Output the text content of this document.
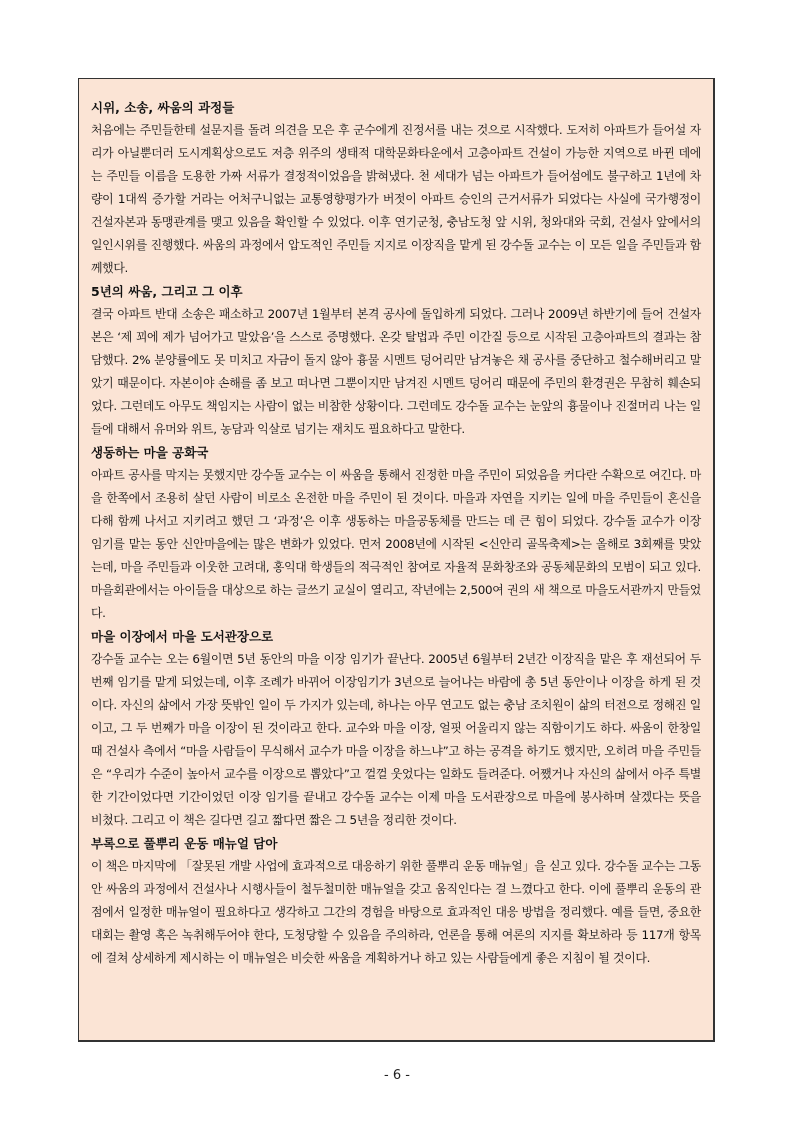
시위, 소송, 싸움의 과정들
처음에는 주민들한테 설문지를 돌려 의견을 모은 후 군수에게 진정서를 내는 것으로 시작했다. 도저히 아파트가 들어설 자리가 아닐뿐더러 도시계획상으로도 저층 위주의 생태적 대학문화타운에서 고층아파트 건설이 가능한 지역으로 바뀐 데에는 주민들 이름을 도용한 가짜 서류가 결정적이었음을 밝혀냈다. 천 세대가 넘는 아파트가 들어섬에도 불구하고 1년에 차량이 1대씩 증가할 거라는 어처구니없는 교통영향평가가 버젓이 아파트 승인의 근거서류가 되었다는 사실에 국가행정이 건설자본과 동맹관계를 맺고 있음을 확인할 수 있었다. 이후 연기군청, 충남도청 앞 시위, 청와대와 국회, 건설사 앞에서의 일인시위를 진행했다. 싸움의 과정에서 압도적인 주민들 지지로 이장직을 맡게 된 강수돌 교수는 이 모든 일을 주민들과 함께했다.
5년의 싸움, 그리고 그 이후
결국 아파트 반대 소송은 패소하고 2007년 1월부터 본격 공사에 돌입하게 되었다. 그러나 2009년 하반기에 들어 건설자본은 ‘제 꾀에 제가 넘어가고 말았음’을 스스로 증명했다. 온갖 탈법과 주민 이간질 등으로 시작된 고층아파트의 결과는 참담했다. 2% 분양률에도 못 미치고 자금이 돌지 않아 흉물 시멘트 덩어리만 남겨놓은 채 공사를 중단하고 철수해버리고 말았기 때문이다. 자본이야 손해를 좀 보고 떠나면 그뿐이지만 남겨진 시멘트 덩어리 때문에 주민의 환경권은 무참히 훼손되었다. 그런데도 아무도 책임지는 사람이 없는 비참한 상황이다. 그런데도 강수돌 교수는 눈앞의 흉물이나 진절머리 나는 일들에 대해서 유머와 위트, 농담과 익살로 넘기는 재치도 필요하다고 말한다.
생동하는 마을 공화국
아파트 공사를 막지는 못했지만 강수돌 교수는 이 싸움을 통해서 진정한 마을 주민이 되었음을 커다란 수확으로 여긴다. 마을 한쪽에서 조용히 살던 사람이 비로소 온전한 마을 주민이 된 것이다. 마을과 자연을 지키는 일에 마을 주민들이 혼신을 다해 함께 나서고 지키려고 했던 그 ‘과정’은 이후 생동하는 마을공동체를 만드는 데 큰 힘이 되었다. 강수돌 교수가 이장 임기를 맡는 동안 신안마을에는 많은 변화가 있었다. 먼저 2008년에 시작된 <신안리 골목축제>는 올해로 3회째를 맞았는데, 마을 주민들과 이웃한 고려대, 홍익대 학생들의 적극적인 참여로 자율적 문화창조와 공동체문화의 모범이 되고 있다. 마을회관에서는 아이들을 대상으로 하는 글쓰기 교실이 열리고, 작년에는 2,500여 권의 새 책으로 마을도서관까지 만들었다.
마을 이장에서 마을 도서관장으로
강수돌 교수는 오는 6월이면 5년 동안의 마을 이장 임기가 끝난다. 2005년 6월부터 2년간 이장직을 맡은 후 재선되어 두 번째 임기를 맡게 되었는데, 이후 조례가 바뀌어 이장임기가 3년으로 늘어나는 바람에 총 5년 동안이나 이장을 하게 된 것이다. 자신의 삶에서 가장 뜻밖인 일이 두 가지가 있는데, 하나는 아무 연고도 없는 충남 조치원이 삶의 터전으로 정해진 일이고, 그 두 번째가 마을 이장이 된 것이라고 한다. 교수와 마을 이장, 얼핏 어울리지 않는 직함이기도 하다. 싸움이 한창일 때 건설사 측에서 “마을 사람들이 무식해서 교수가 마을 이장을 하느냐”고 하는 공격을 하기도 했지만, 오히려 마을 주민들은 “우리가 수준이 높아서 교수를 이장으로 뽑았다”고 껄껄 웃었다는 일화도 들려준다. 어쨌거나 자신의 삶에서 아주 특별한 기간이었다면 기간이었던 이장 임기를 끝내고 강수돌 교수는 이제 마을 도서관장으로 마을에 봉사하며 살겠다는 뜻을 비쳤다. 그리고 이 책은 길다면 길고 짧다면 짧은 그 5년을 정리한 것이다.
부록으로 풀뿌리 운동 매뉴얼 담아
이 책은 마지막에 「잘못된 개발 사업에 효과적으로 대응하기 위한 풀뿌리 운동 매뉴얼」을 싣고 있다. 강수돌 교수는 그동안 싸움의 과정에서 건설사나 시행사들이 철두철미한 매뉴얼을 갖고 움직인다는 걸 느꼈다고 한다. 이에 풀뿌리 운동의 관점에서 일정한 매뉴얼이 필요하다고 생각하고 그간의 경험을 바탕으로 효과적인 대응 방법을 정리했다. 예를 들면, 중요한 대회는 촬영 혹은 녹취해두어야 한다, 도청당할 수 있음을 주의하라, 언론을 통해 여론의 지지를 확보하라 등 117개 항목에 걸쳐 상세하게 제시하는 이 매뉴얼은 비슷한 싸움을 계획하거나 하고 있는 사람들에게 좋은 지침이 될 것이다.
- 6 -
